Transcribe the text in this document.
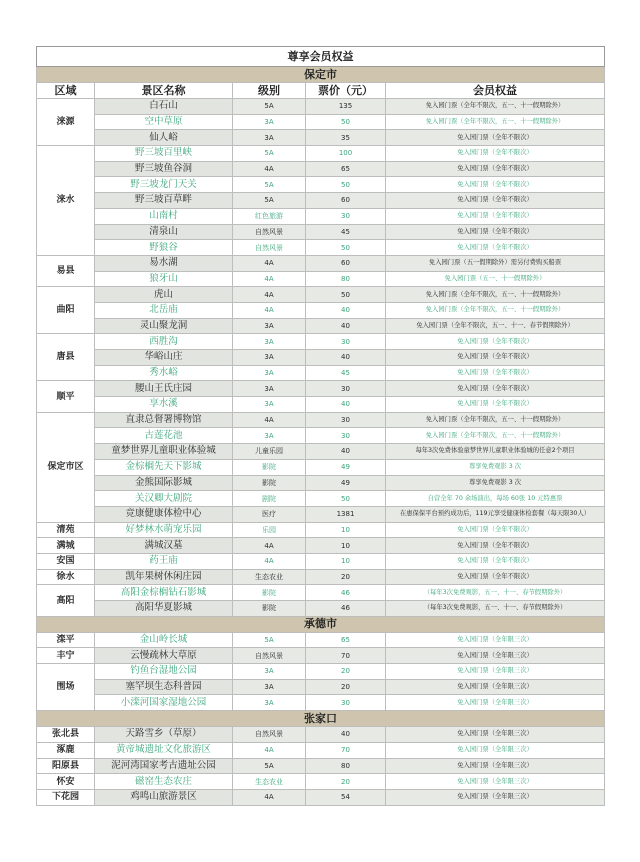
尊享会员权益				
保定市				
区域	景区名称	级别	票价（元）	会员权益
涞源	白石山	5A	135	免入园门票（全年不限次，五一、十一假期除外）
	空中草原	3A	50	免入园门票（全年不限次，五一、十一假期除外）
	仙人峪	3A	35	免入园门票（全年不限次）
涞水	野三坡百里峡	5A	100	免入园门票（全年不限次）
	野三坡鱼谷洞	4A	65	免入园门票（全年不限次）
	野三坡龙门天关	5A	50	免入园门票（全年不限次）
	野三坡百草畔	5A	60	免入园门票（全年不限次）
	山南村	红色旅游	30	免入园门票（全年不限次）
	清泉山	自然风景	45	免入园门票（全年不限次）
	野狼谷	自然风景	50	免入园门票（全年不限次）
易县	易水湖	4A	60	免入园门票（五一假期除外）需另付费购买船票
	狼牙山	4A	80	免入园门票（五一、十一假期除外）
曲阳	虎山	4A	50	免入园门票（全年不限次，五一、十一假期除外）
	北岳庙	4A	40	免入园门票（全年不限次，五一、十一假期除外）
	灵山聚龙洞	3A	40	免入园门票（全年不限次，五一、十一、春节假期除外）
唐县	西胜沟	3A	30	免入园门票（全年不限次）
	华峪山庄	3A	40	免入园门票（全年不限次）
	秀水峪	3A	45	免入园门票（全年不限次）
顺平	腰山王氏庄园	3A	30	免入园门票（全年不限次）
	享水溪	3A	40	免入园门票（全年不限次）
保定市区	直隶总督署博物馆	4A	30	免入园门票（全年不限次，五一、十一假期除外）
	古莲花池	3A	30	免入园门票（全年不限次，五一、十一假期除外）
	童梦世界儿童职业体验城	儿童乐园	40	每年3次免费体验童梦世界儿童职业体验城的任意2个项目
	金棕榈先天下影城	影院	49	尊享免费观影 3 次
	金熊国际影城	影院	49	尊享免费观影 3 次
	关汉卿大剧院	剧院	50	自营全年 70 余场演出，每场 60张 10 元特惠票
	竞康健康体检中心	医疗	1381	在惠保保平台预约成功后，119元享受健康体检套餐（每天限30人）
清苑	好梦林水萌宠乐园	乐园	10	免入园门票（全年不限次）
满城	满城汉墓	4A	10	免入园门票（全年不限次）
安国	药王庙	4A	10	免入园门票（全年不限次）
徐水	凯年果树休闲庄园	生态农业	20	免入园门票（全年不限次）
高阳	高阳金棕榈钻石影城	影院	46	（每年3次免费观影，五一、十一、春节假期除外）
	高阳华夏影城	影院	46	（每年3次免费观影，五一、十一、春节假期除外）
承德市				
滦平	金山岭长城	5A	65	免入园门票（全年限三次）
丰宁	云慢疏林大草原	自然风景	70	免入园门票（全年限三次）
围场	钓鱼台湿地公园	3A	20	免入园门票（全年限三次）
	塞罕坝生态科普园	3A	20	免入园门票（全年限三次）
	小滦河国家湿地公园	3A	30	免入园门票（全年限三次）
张家口				
张北县	天路雪乡（草原）	自然风景	40	免入园门票（全年限三次）
涿鹿	黄帝城遗址文化旅游区	4A	70	免入园门票（全年限三次）
阳原县	泥河湾国家考古遗址公园	5A	80	免入园门票（全年限三次）
怀安	磁窑生态农庄	生态农业	20	免入园门票（全年限三次）
下花园	鸡鸣山旅游景区	4A	54	免入园门票（全年限三次）
